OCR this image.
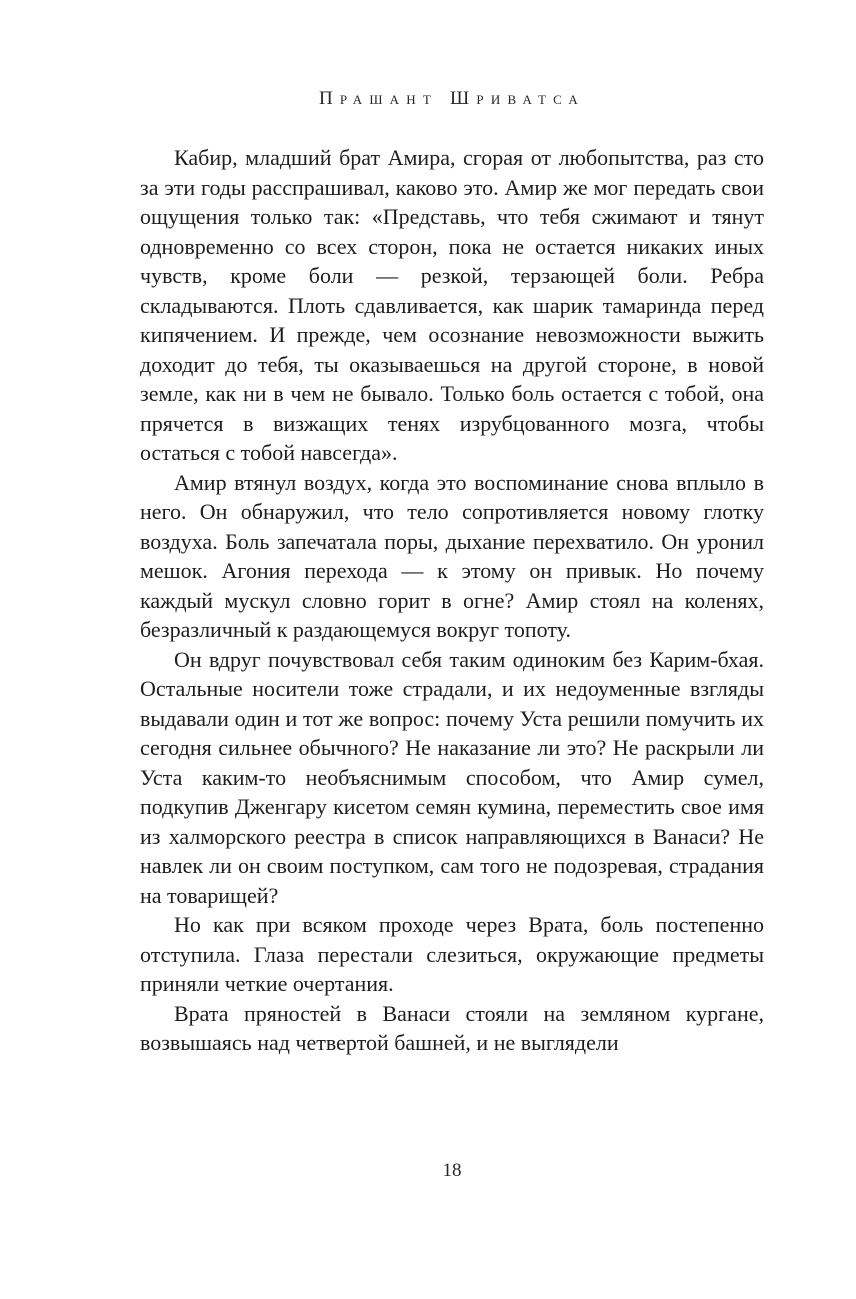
Прашант Шриватса

Кабир, младший брат Амира, сгорая от любопытства, раз сто за эти годы расспрашивал, каково это. Амир же мог передать свои ощущения только так: «Представь, что тебя сжимают и тянут одновременно со всех сторон, пока не остается никаких иных чувств, кроме боли — резкой, терзающей боли. Ребра складываются. Плоть сдавливается, как шарик тамаринда перед кипячением. И прежде, чем осознание невозможности выжить доходит до тебя, ты оказываешься на другой стороне, в новой земле, как ни в чем не бывало. Только боль остается с тобой, она прячется в визжащих тенях изрубцованного мозга, чтобы остаться с тобой навсегда».

Амир втянул воздух, когда это воспоминание снова вплыло в него. Он обнаружил, что тело сопротивляется новому глотку воздуха. Боль запечатала поры, дыхание перехватило. Он уронил мешок. Агония перехода — к этому он привык. Но почему каждый мускул словно горит в огне? Амир стоял на коленях, безразличный к раздающемуся вокруг топоту.

Он вдруг почувствовал себя таким одиноким без Карим-бхая. Остальные носители тоже страдали, и их недоуменные взгляды выдавали один и тот же вопрос: почему Уста решили помучить их сегодня сильнее обычного? Не наказание ли это? Не раскрыли ли Уста каким-то необъяснимым способом, что Амир сумел, подкупив Дженгару кисетом семян кумина, переместить свое имя из халморского реестра в список направляющихся в Ванаси? Не навлек ли он своим поступком, сам того не подозревая, страдания на товарищей?

Но как при всяком проходе через Врата, боль постепенно отступила. Глаза перестали слезиться, окружающие предметы приняли четкие очертания.

Врата пряностей в Ванаси стояли на земляном кургане, возвышаясь над четвертой башней, и не выглядели

18
